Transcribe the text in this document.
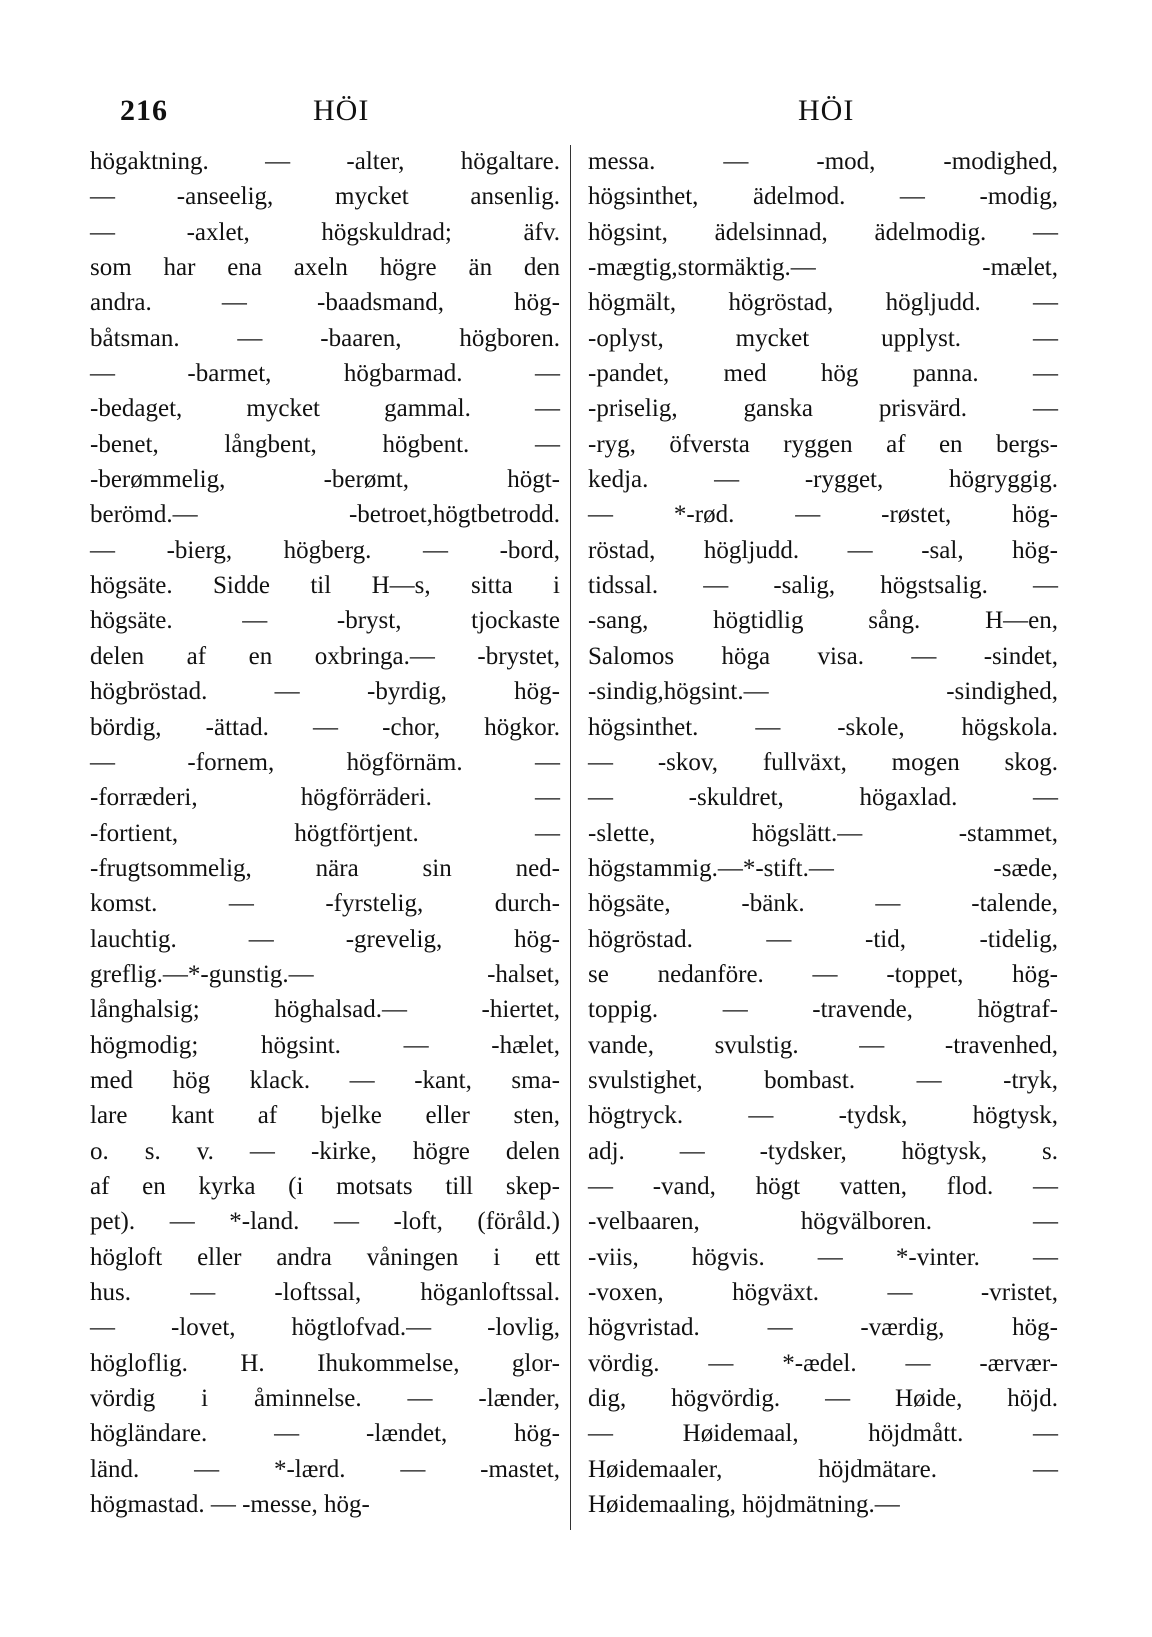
216	HÖI	HÖI
högaktning. — -alter, högaltare.
— -anseelig, mycket ansenlig.
— -axlet, högskuldrad; äfv.
som har ena axeln högre än den
andra. — -baadsmand, hög-
båtsman. — -baaren, högboren.
— -barmet, högbarmad. —
-bedaget, mycket gammal. —
-benet, långbent, högbent. —
-berømmelig, -berømt, högt-
berömd.— -betroet,högtbetrodd.
— -bierg, högberg. — -bord,
högsäte. Sidde til H—s, sitta i
högsäte. — -bryst, tjockaste
delen af en oxbringa.— -brystet,
högbröstad. — -byrdig, hög-
bördig, -ättad. — -chor, högkor.
— -fornem, högförnäm. —
-forræderi, högförräderi. —
-fortient, högtförtjent. —
-frugtsommelig, nära sin ned-
komst. — -fyrstelig, durch-
lauchtig. — -grevelig, hög-
greflig.—*-gunstig.— -halset,
långhalsig; höghalsad.— -hiertet,
högmodig; högsint. — -hælet,
med hög klack. — -kant, sma-
lare kant af bjelke eller sten,
o. s. v. — -kirke, högre delen
af en kyrka (i motsats till skep-
pet). — *-land. — -loft, (föråld.)
högloft eller andra våningen i ett
hus. — -loftssal, höganloftssal.
— -lovet, högtlofvad.— -lovlig,
högloflig. H. Ihukommelse, glor-
vördig i åminnelse. — -lænder,
högländare. — -lændet, hög-
länd. — *-lærd. — -mastet,
högmastad. — -messe, hög-
messa. — -mod, -modighed,
högsinthet, ädelmod. — -modig,
högsint, ädelsinnad, ädelmodig. —
-mægtig,stormäktig.— -mælet,
högmält, högröstad, högljudd. —
-oplyst, mycket upplyst. —
-pandet, med hög panna. —
-priselig, ganska prisvärd. —
-ryg, öfversta ryggen af en bergs-
kedja. — -rygget, högryggig.
— *-rød. — -røstet, hög-
röstad, högljudd. — -sal, hög-
tidssal. — -salig, högstsalig. —
-sang, högtidlig sång. H—en,
Salomos höga visa. — -sindet,
-sindig,högsint.— -sindighed,
högsinthet. — -skole, högskola.
— -skov, fullväxt, mogen skog.
— -skuldret, högaxlad. —
-slette, högslätt.— -stammet,
högstammig.—*-stift.— -sæde,
högsäte, -bänk. — -talende,
högröstad. — -tid, -tidelig,
se nedanföre. — -toppet, hög-
toppig. — -travende, högtraf-
vande, svulstig. — -travenhed,
svulstighet, bombast. — -tryk,
högtryck. — -tydsk, högtysk,
adj. — -tydsker, högtysk, s.
— -vand, högt vatten, flod. —
-velbaaren, högvälboren. —
-viis, högvis. — *-vinter. —
-voxen, högväxt. — -vristet,
högvristad. — -værdig, hög-
vördig. — *-ædel. — -ærvær-
dig, högvördig. — Høide, höjd.
— Høidemaal, höjdmått. —
Høidemaaler, höjdmätare. —
Høidemaaling, höjdmätning.—
